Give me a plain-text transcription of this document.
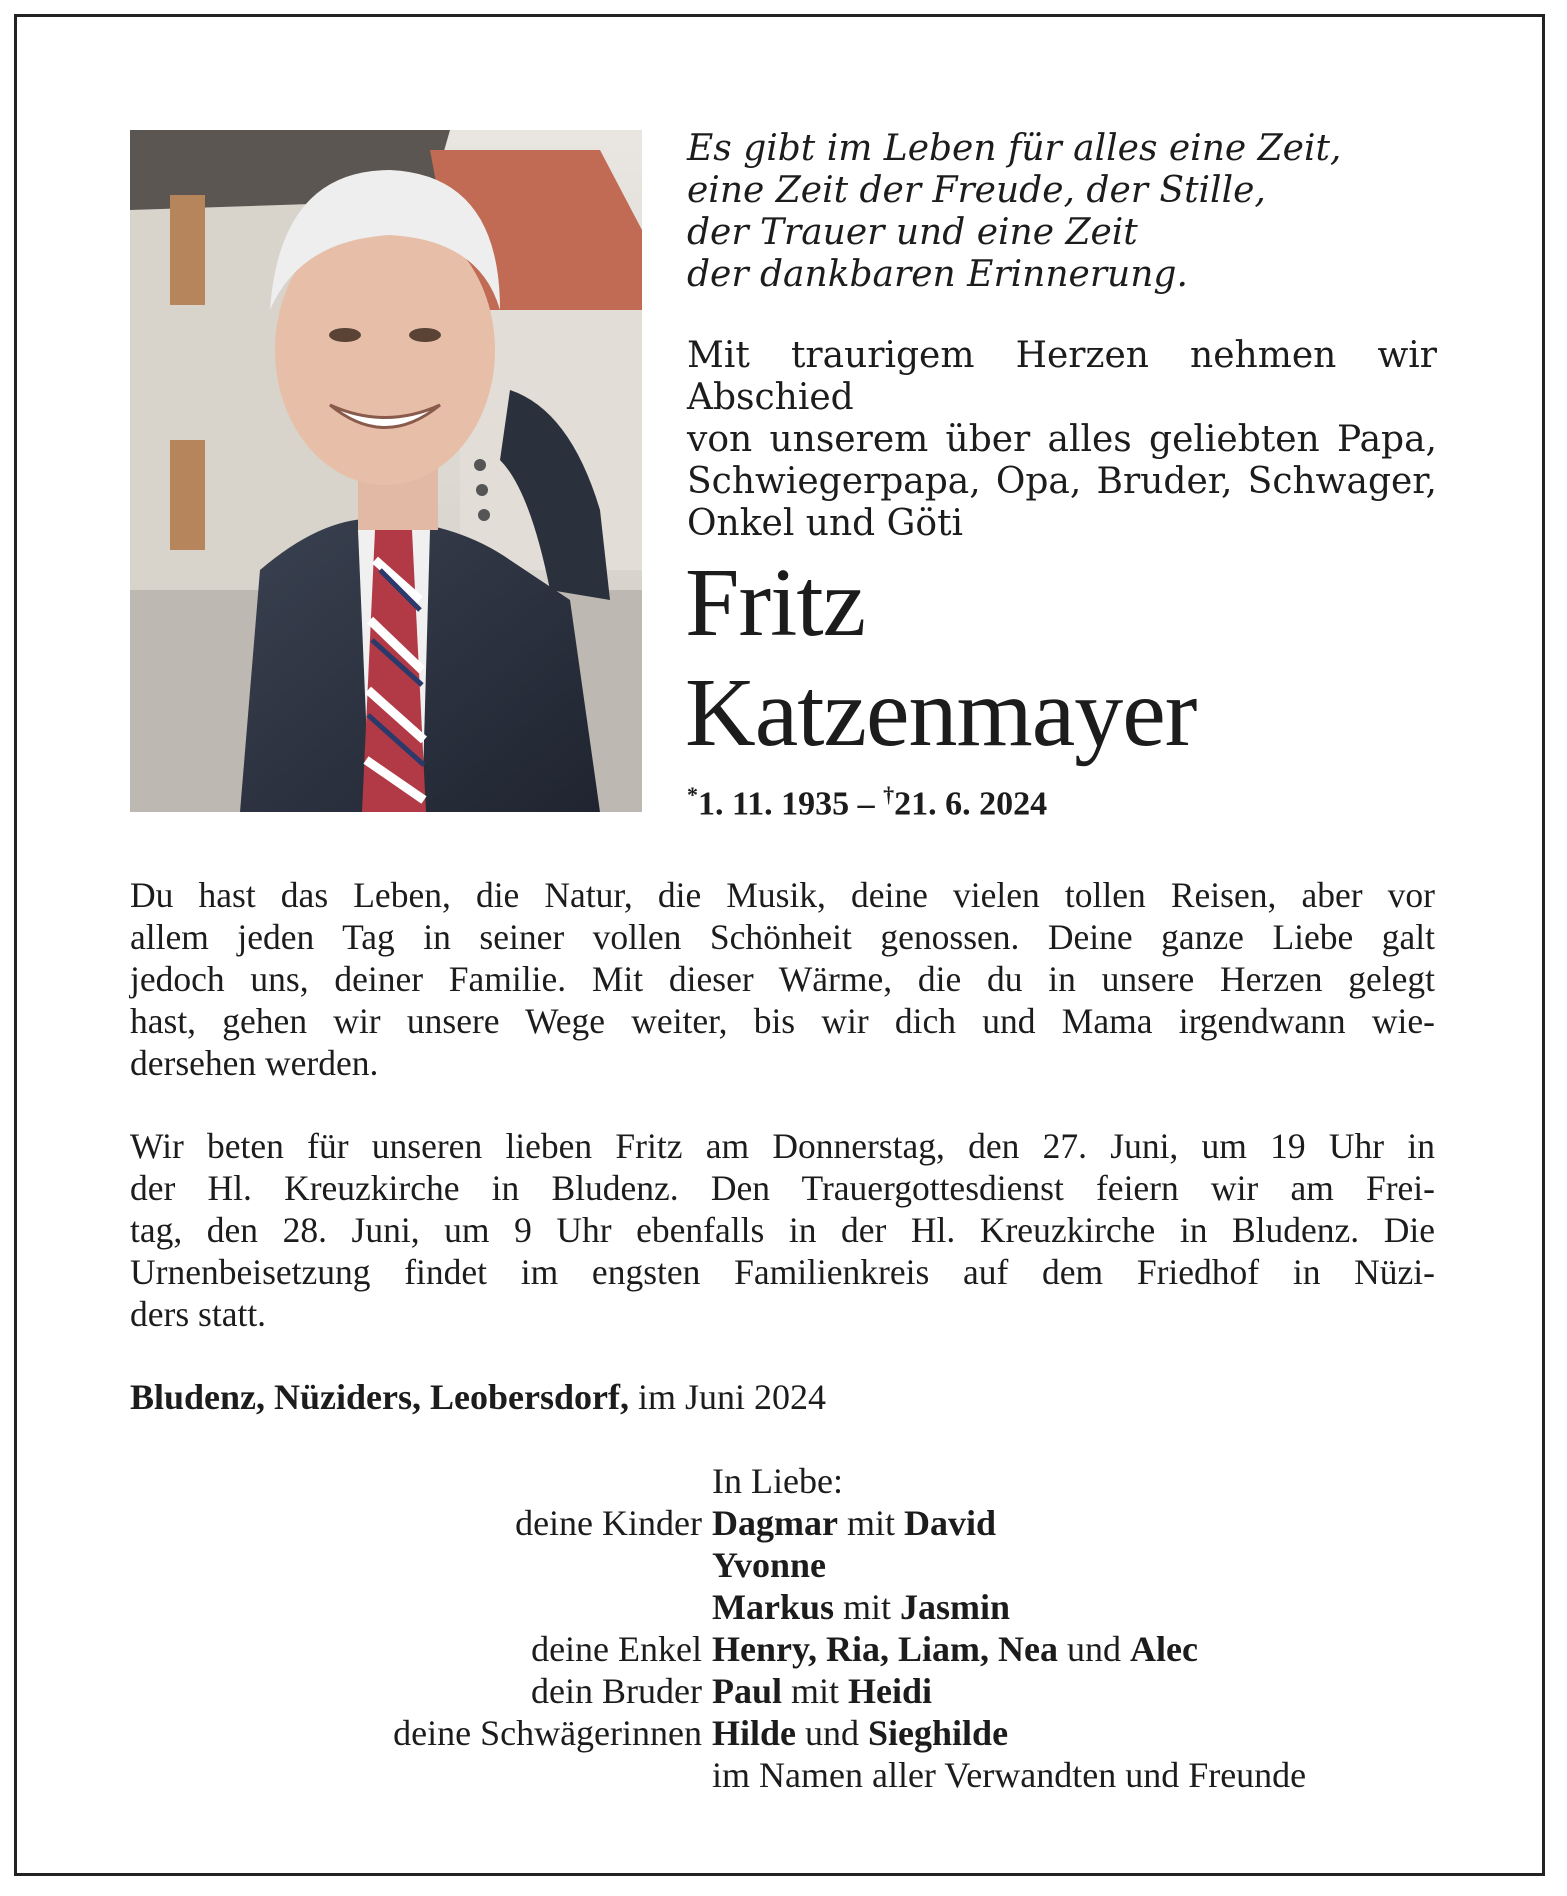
Es gibt im Leben für alles eine Zeit,
eine Zeit der Freude, der Stille,
der Trauer und eine Zeit
der dankbaren Erinnerung.
Mit traurigem Herzen nehmen wir Abschied
von unserem über alles geliebten Papa,
Schwiegerpapa, Opa, Bruder, Schwager,
Onkel und Göti
Fritz
Katzenmayer
*1. 11. 1935 – †21. 6. 2024
Du hast das Leben, die Natur, die Musik, deine vielen tollen Reisen, aber vor
allem jeden Tag in seiner vollen Schönheit genossen. Deine ganze Liebe galt
jedoch uns, deiner Familie. Mit dieser Wärme, die du in unsere Herzen gelegt
hast, gehen wir unsere Wege weiter, bis wir dich und Mama irgendwann wie-
dersehen werden.
Wir beten für unseren lieben Fritz am Donnerstag, den 27. Juni, um 19 Uhr in
der Hl. Kreuzkirche in Bludenz. Den Trauergottesdienst feiern wir am Frei-
tag, den 28. Juni, um 9 Uhr ebenfalls in der Hl. Kreuzkirche in Bludenz. Die
Urnenbeisetzung findet im engsten Familienkreis auf dem Friedhof in Nüzi-
ders statt.
Bludenz, Nüziders, Leobersdorf, im Juni 2024
In Liebe:
deine Kinder Dagmar mit David
Yvonne
Markus mit Jasmin
deine Enkel Henry, Ria, Liam, Nea und Alec
dein Bruder Paul mit Heidi
deine Schwägerinnen Hilde und Sieghilde
im Namen aller Verwandten und Freunde
